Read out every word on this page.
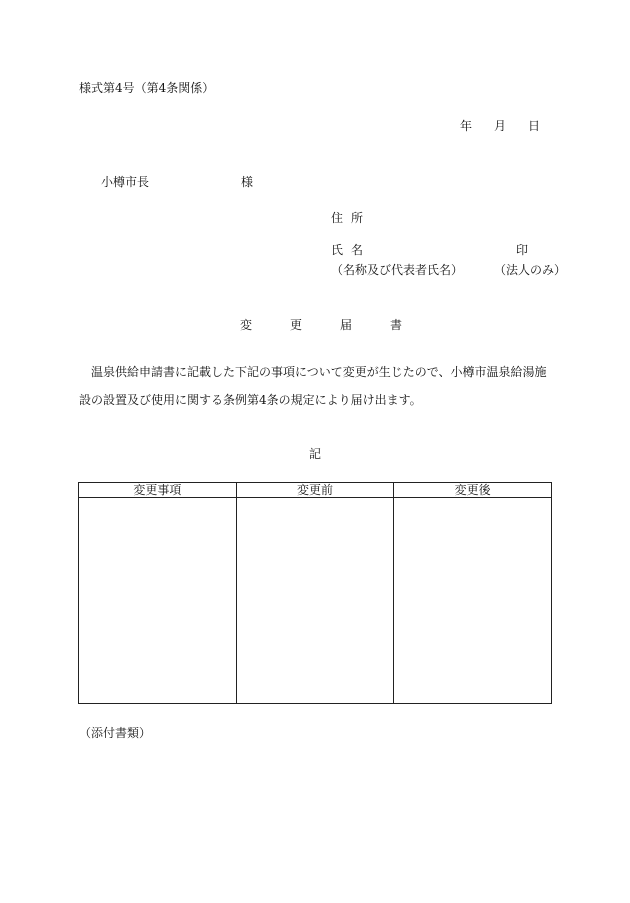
様式第4号（第4条関係）
年 月 日
小樽市長	様
住所
氏名	印
（名称及び代表者氏名）	（法人のみ）
変更届書
温泉供給申請書に記載した下記の事項について変更が生じたので、小樽市温泉給湯施設の設置及び使用に関する条例第4条の規定により届け出ます。
記
変更事項	変更前	変更後

（添付書類）
